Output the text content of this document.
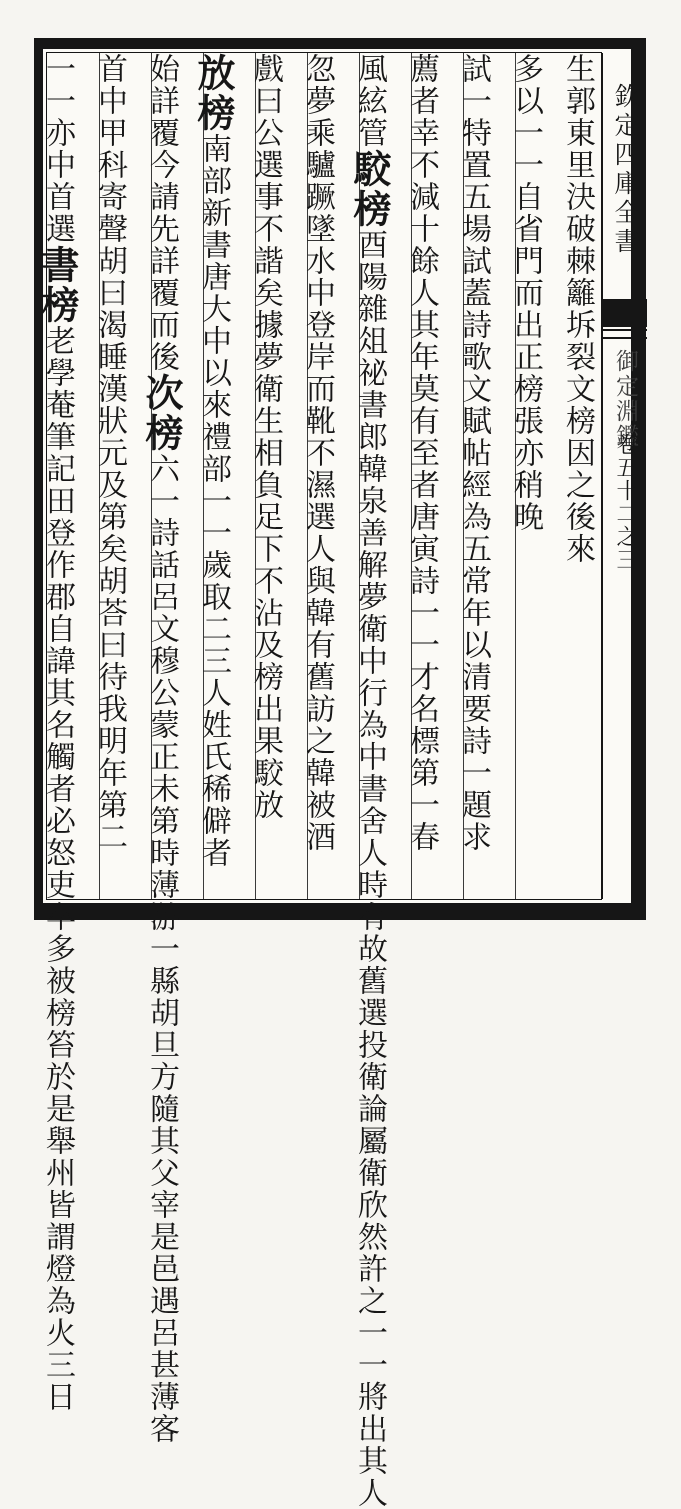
欽定四庫全書
御定淵鑑
卷五十二之三
生郭東里決破棘籬坼裂文榜因之後來
多以一一自省門而出正榜張亦稍晚
試一特置五場試蓋詩歌文賦帖經為五常年以清要詩一題求
薦者幸不減十餘人其年莫有至者唐寅詩一一才名標第一春
風絃管駮榜酉陽雜俎祕書郎韓泉善解夢衛中行為中書舍人時有故舊選投衛論屬衛欣然許之一一將出其人
忽夢乘驢蹶墜水中登岸而靴不濕選人與韓有舊訪之韓被酒
戲曰公選事不諧矣據夢衛生相負足下不沾及榜出果駮放
放榜南部新書唐大中以來禮部一一歲取二三人姓氏稀僻者
始詳覆今請先詳覆而後次榜六一詩話呂文穆公蒙正未第時薄游一縣胡旦方隨其父宰是邑遇呂甚薄客
首中甲科寄聲胡曰渴睡漢狀元及第矣胡荅曰待我明年第二
一一亦中首選書榜老學菴筆記田登作郡自諱其名觸者必怒吏卒多被榜笞於是舉州皆謂燈為火三日
